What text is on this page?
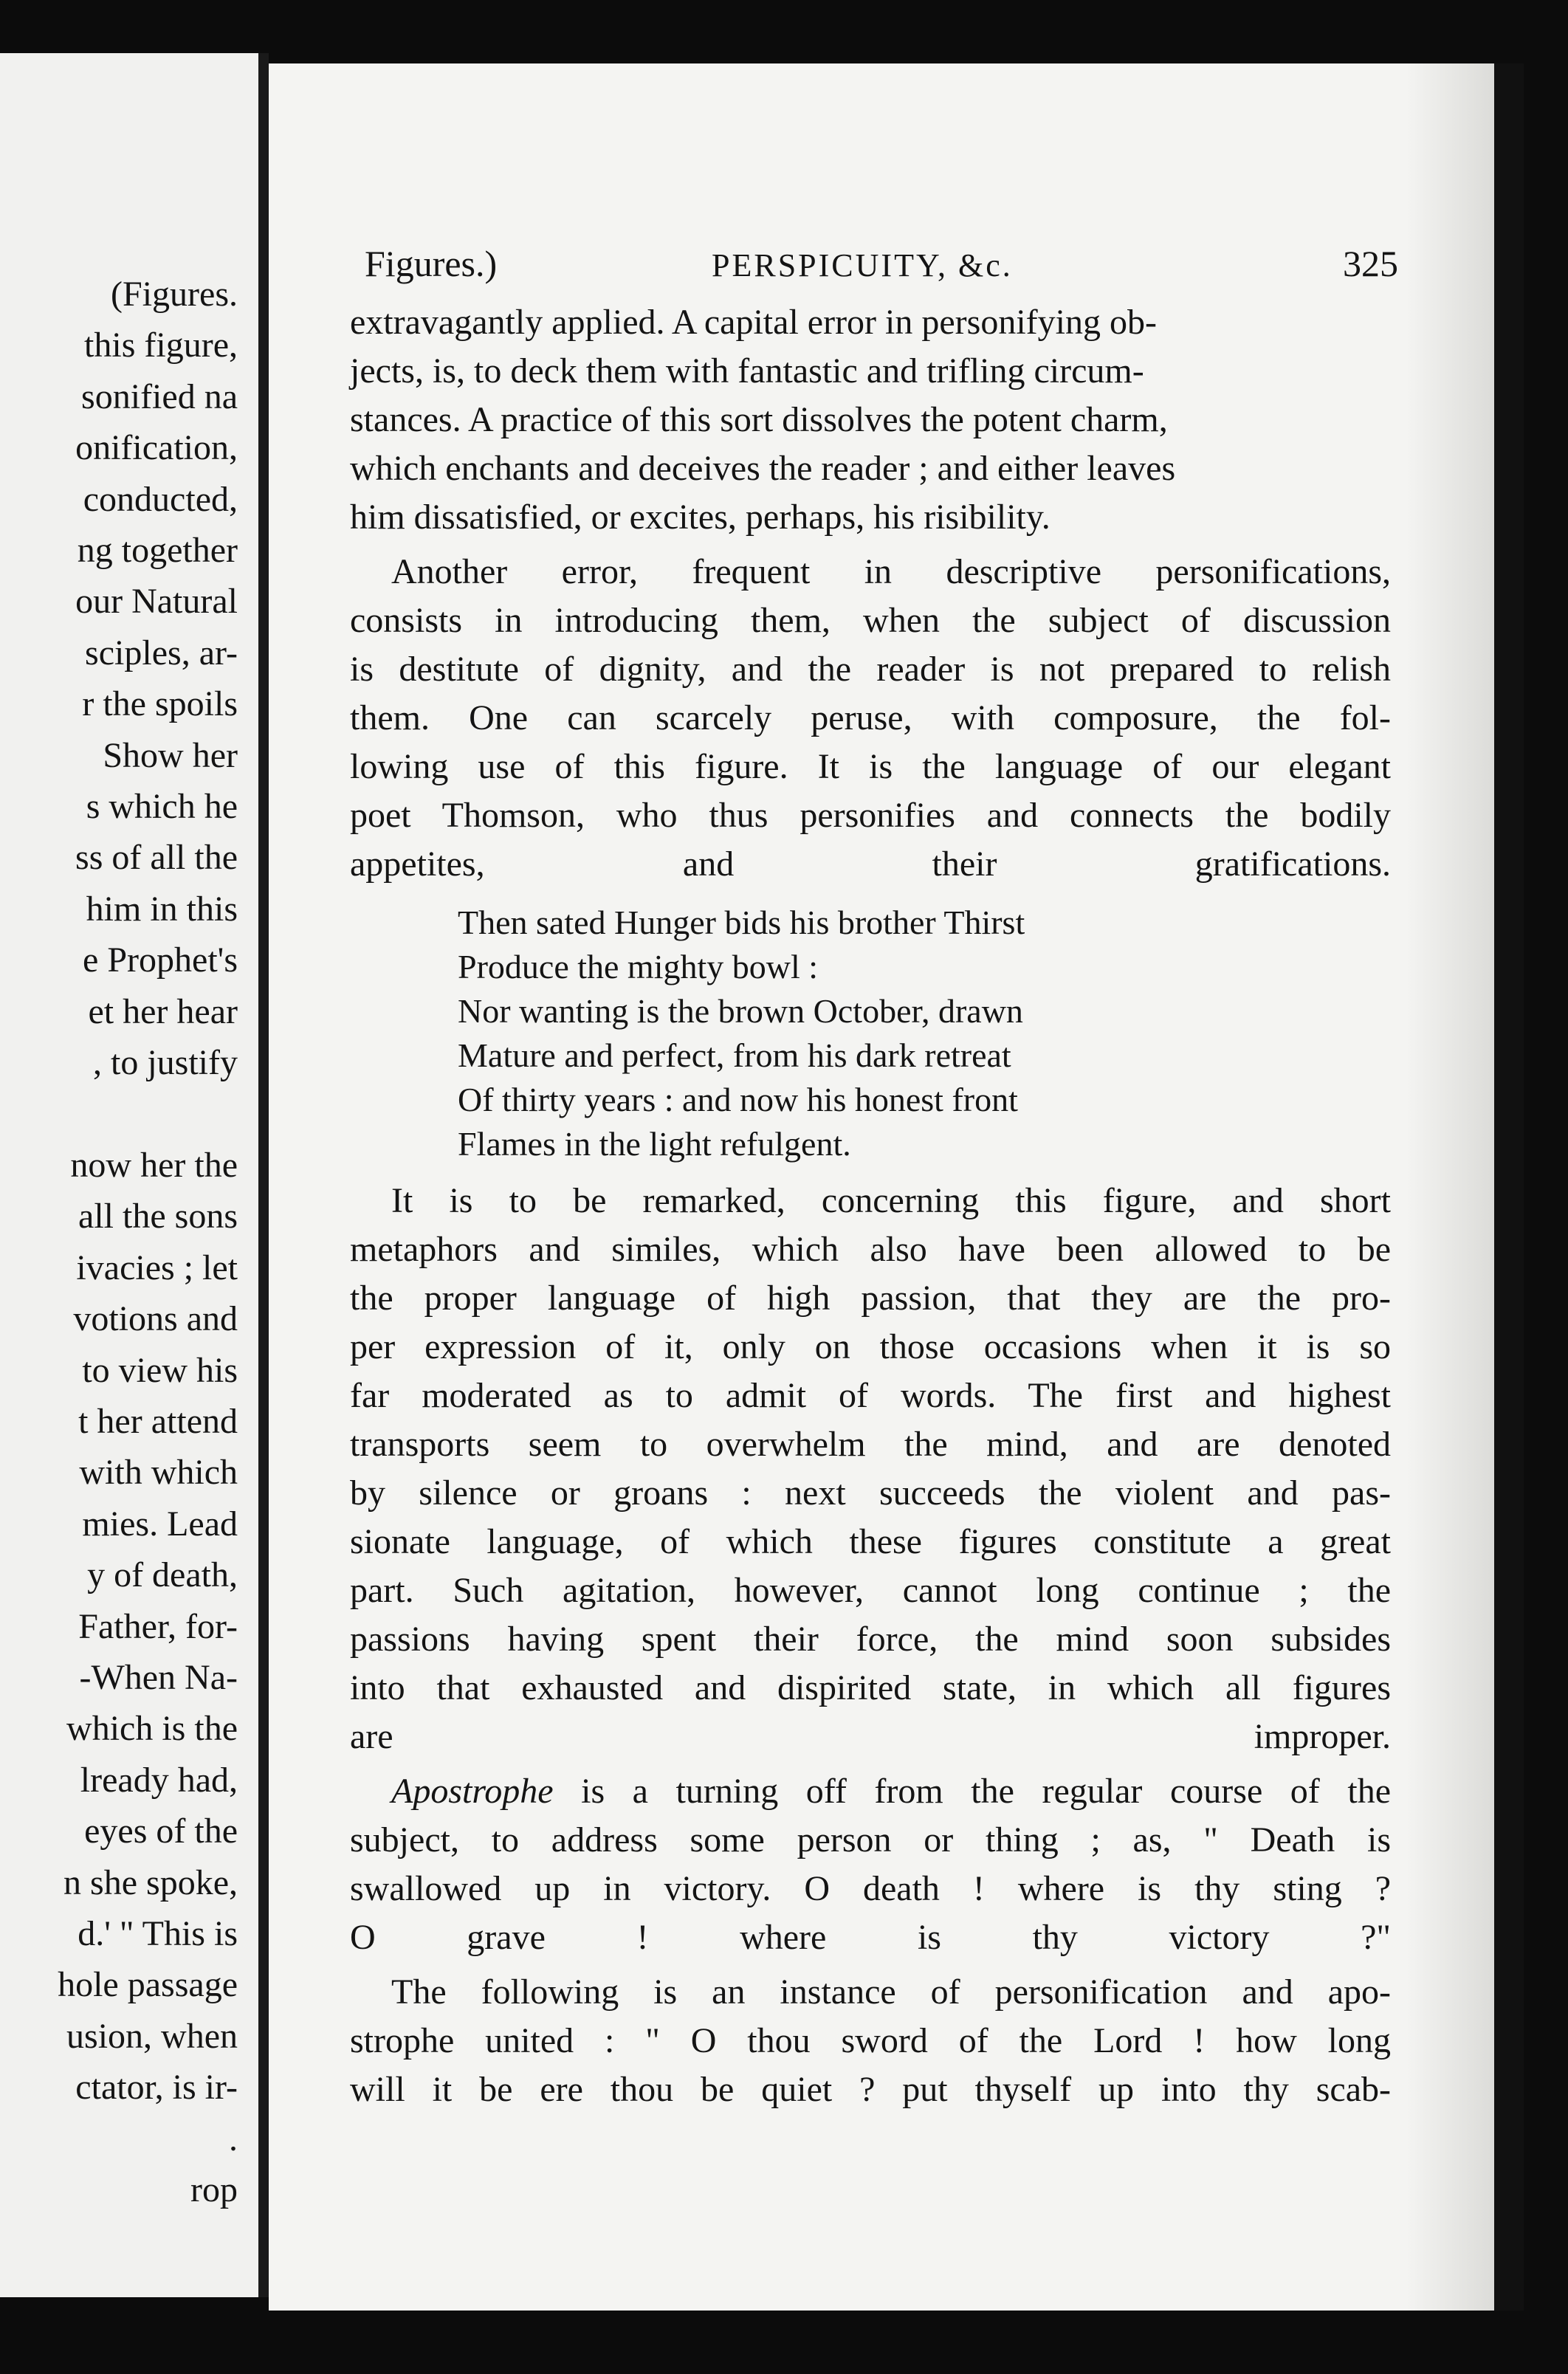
(Figures.
this figure,
sonified na
onification,
conducted,
ng together
our Natural
sciples, ar-
r the spoils
Show her
s which he
ss of all the
him in this
e Prophet's
et her hear
, to justify

now her the
all the sons
ivacies ; let
votions and
to view his
t her attend
with which
mies. Lead
y of death,
Father, for-
-When Na-
which is the
lready had,
eyes of the
n she spoke,
d.' " This is
hole passage
usion, when
ctator, is ir-
.
rop
Figures.)	PERSPICUITY, &c.	325

extravagantly applied. A capital error in personifying ob-
jects, is, to deck them with fantastic and trifling circum-
stances. A practice of this sort dissolves the potent charm,
which enchants and deceives the reader ; and either leaves
him dissatisfied, or excites, perhaps, his risibility.

Another error, frequent in descriptive personifications,
consists in introducing them, when the subject of discussion
is destitute of dignity, and the reader is not prepared to relish
them. One can scarcely peruse, with composure, the fol-
lowing use of this figure. It is the language of our elegant
poet Thomson, who thus personifies and connects the bodily
appetites, and their gratifications.

Then sated Hunger bids his brother Thirst
Produce the mighty bowl :
Nor wanting is the brown October, drawn
Mature and perfect, from his dark retreat
Of thirty years : and now his honest front
Flames in the light refulgent.

It is to be remarked, concerning this figure, and short
metaphors and similes, which also have been allowed to be
the proper language of high passion, that they are the pro-
per expression of it, only on those occasions when it is so
far moderated as to admit of words. The first and highest
transports seem to overwhelm the mind, and are denoted
by silence or groans : next succeeds the violent and pas-
sionate language, of which these figures constitute a great
part. Such agitation, however, cannot long continue ; the
passions having spent their force, the mind soon subsides
into that exhausted and dispirited state, in which all figures
are improper.

Apostrophe is a turning off from the regular course of the
subject, to address some person or thing ; as, " Death is
swallowed up in victory. O death ! where is thy sting ?
O grave ! where is thy victory ?"

The following is an instance of personification and apo-
strophe united : " O thou sword of the Lord ! how long
will it be ere thou be quiet ? put thyself up into thy scab-
